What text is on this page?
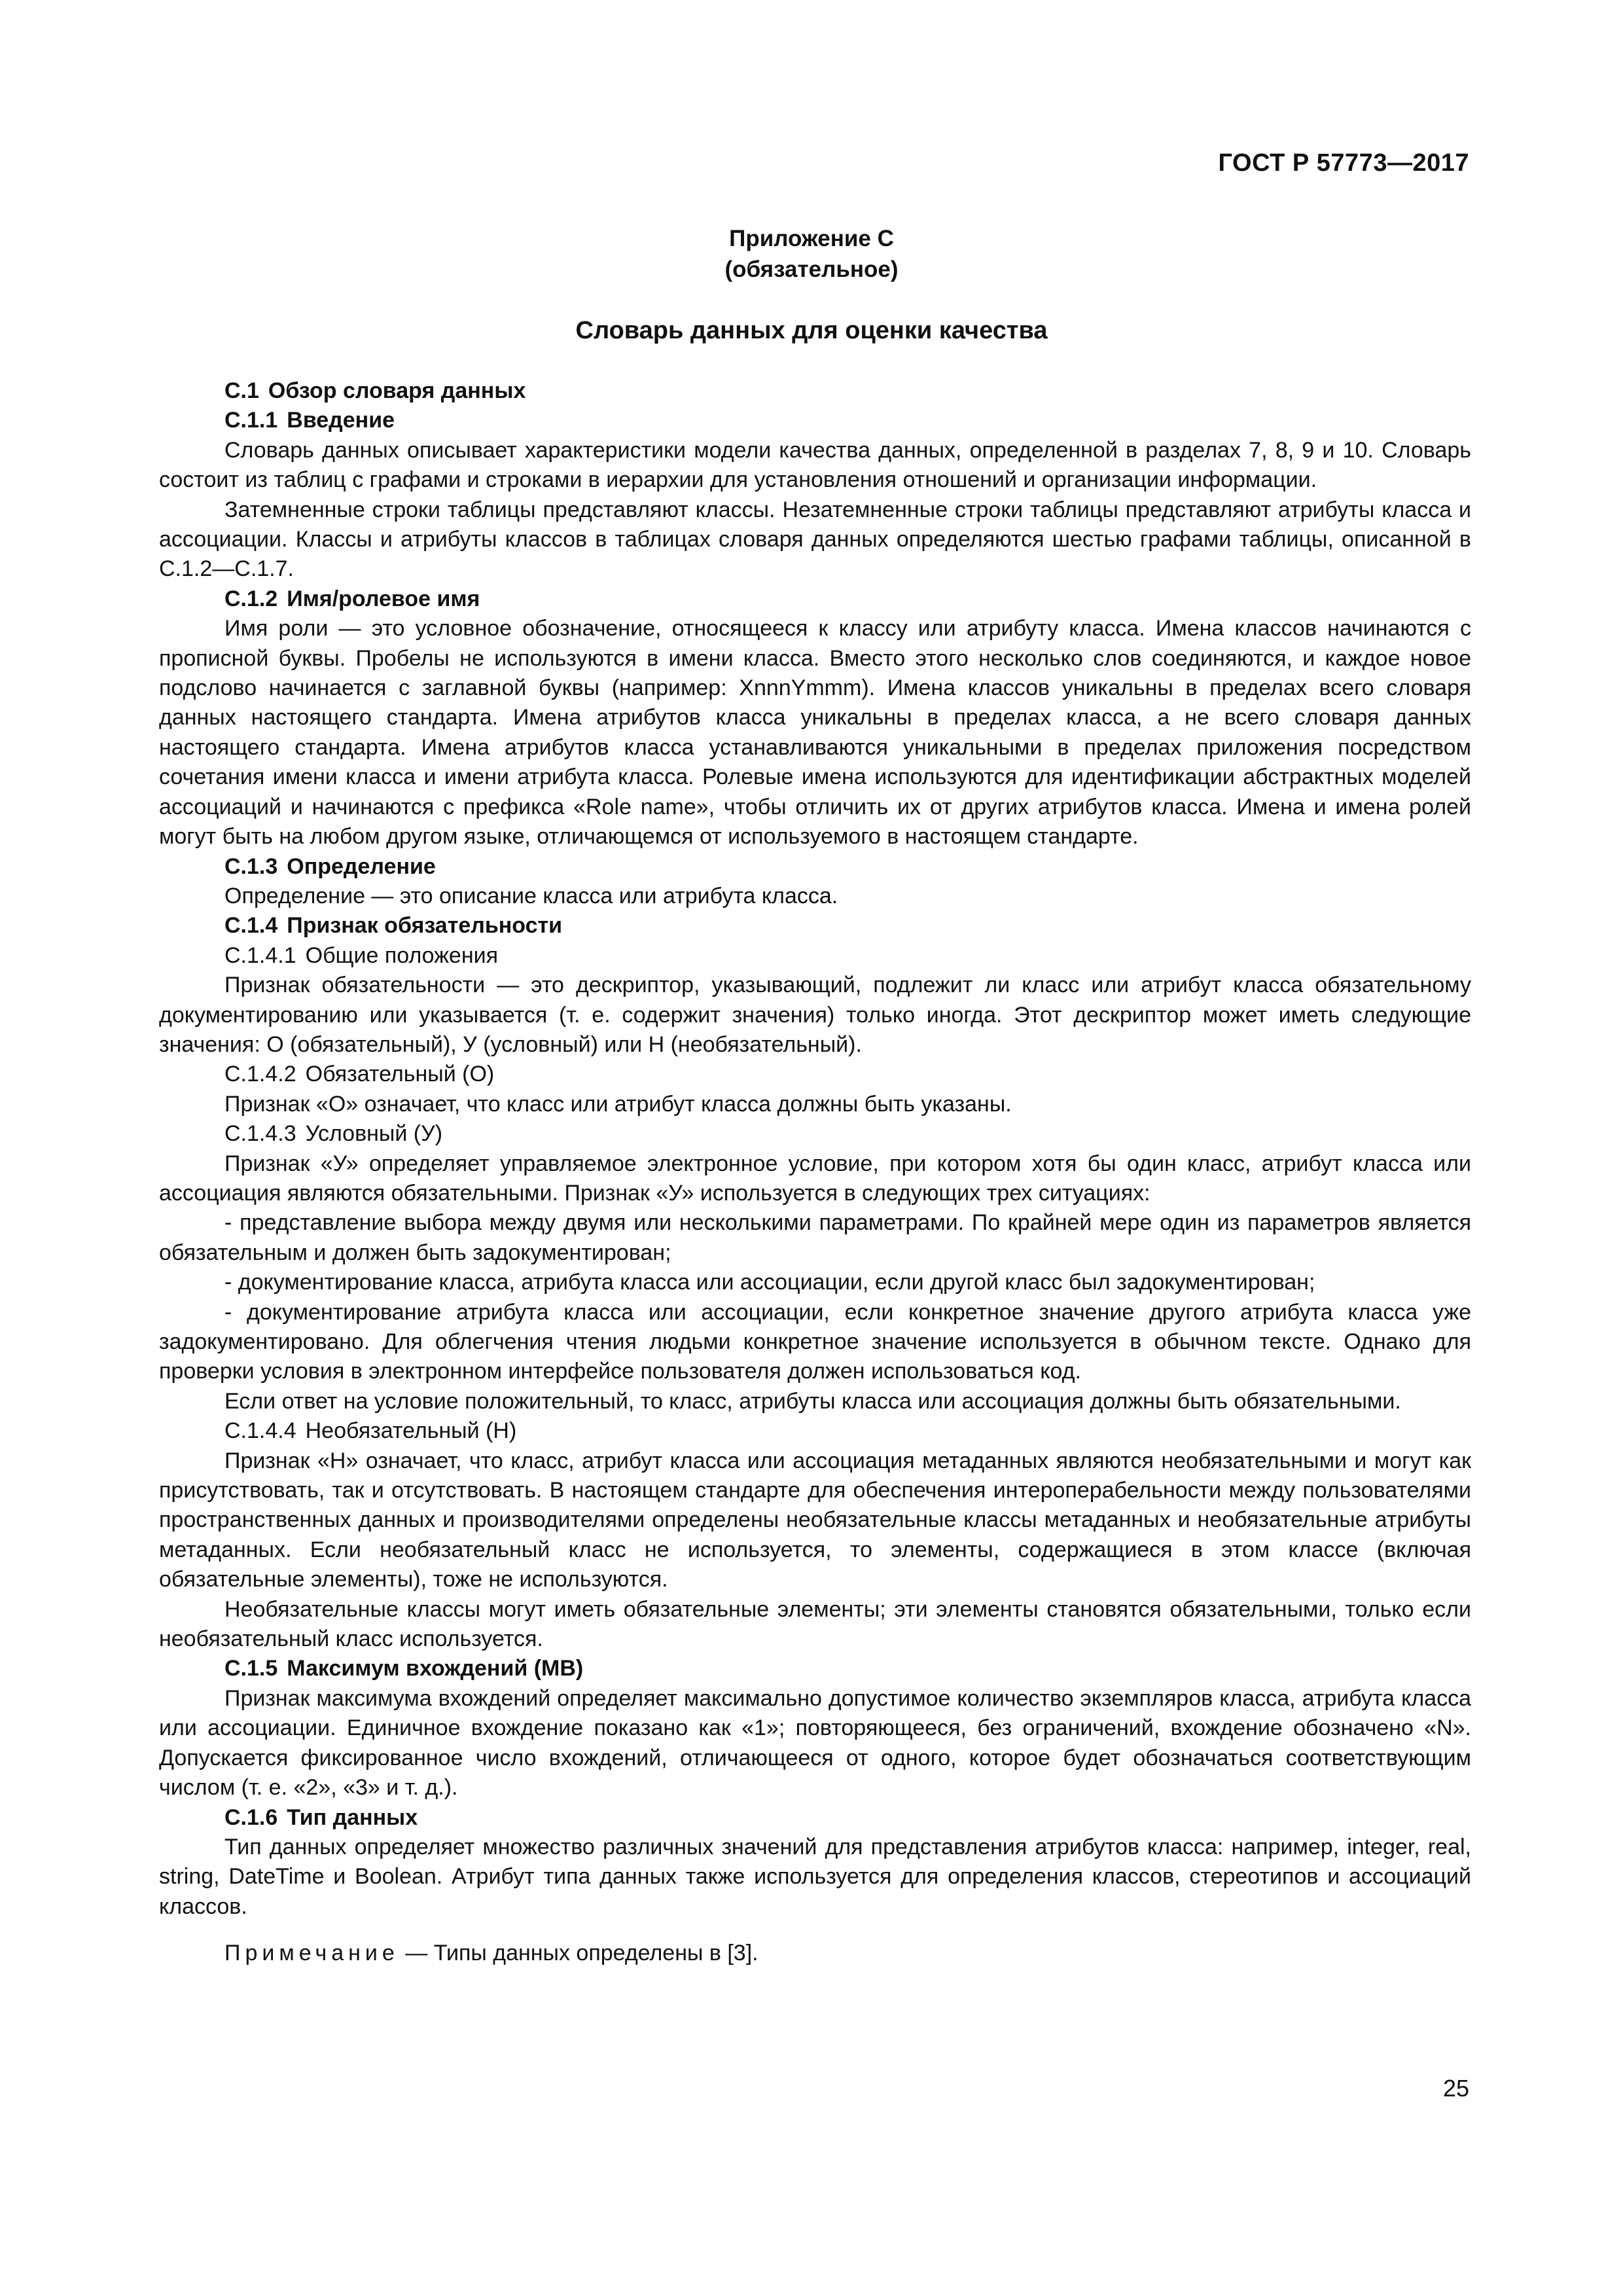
ГОСТ Р 57773—2017
Приложение С
(обязательное)
Словарь данных для оценки качества

С.1 Обзор словаря данных

С.1.1 Введение

Словарь данных описывает характеристики модели качества данных, определенной в разделах 7, 8, 9 и 10. Словарь состоит из таблиц с графами и строками в иерархии для установления отношений и организации информации.

Затемненные строки таблицы представляют классы. Незатемненные строки таблицы представляют атрибуты класса и ассоциации. Классы и атрибуты классов в таблицах словаря данных определяются шестью графами таблицы, описанной в С.1.2—С.1.7.

С.1.2 Имя/ролевое имя

Имя роли — это условное обозначение, относящееся к классу или атрибуту класса. Имена классов начинаются с прописной буквы. Пробелы не используются в имени класса. Вместо этого несколько слов соединяются, и каждое новое подслово начинается с заглавной буквы (например: XnnnYmmm). Имена классов уникальны в пределах всего словаря данных настоящего стандарта. Имена атрибутов класса уникальны в пределах класса, а не всего словаря данных настоящего стандарта. Имена атрибутов класса устанавливаются уникальными в пределах приложения посредством сочетания имени класса и имени атрибута класса. Ролевые имена используются для идентификации абстрактных моделей ассоциаций и начинаются с префикса «Role name», чтобы отличить их от других атрибутов класса. Имена и имена ролей могут быть на любом другом языке, отличающемся от используемого в настоящем стандарте.

С.1.3 Определение

Определение — это описание класса или атрибута класса.

С.1.4 Признак обязательности

С.1.4.1 Общие положения

Признак обязательности — это дескриптор, указывающий, подлежит ли класс или атрибут класса обязательному документированию или указывается (т. е. содержит значения) только иногда. Этот дескриптор может иметь следующие значения: О (обязательный), У (условный) или Н (необязательный).

С.1.4.2 Обязательный (О)

Признак «О» означает, что класс или атрибут класса должны быть указаны.

С.1.4.3 Условный (У)

Признак «У» определяет управляемое электронное условие, при котором хотя бы один класс, атрибут класса или ассоциация являются обязательными. Признак «У» используется в следующих трех ситуациях:

- представление выбора между двумя или несколькими параметрами. По крайней мере один из параметров является обязательным и должен быть задокументирован;

- документирование класса, атрибута класса или ассоциации, если другой класс был задокументирован;

- документирование атрибута класса или ассоциации, если конкретное значение другого атрибута класса уже задокументировано. Для облегчения чтения людьми конкретное значение используется в обычном тексте. Однако для проверки условия в электронном интерфейсе пользователя должен использоваться код.

Если ответ на условие положительный, то класс, атрибуты класса или ассоциация должны быть обязательными.

С.1.4.4 Необязательный (Н)

Признак «Н» означает, что класс, атрибут класса или ассоциация метаданных являются необязательными и могут как присутствовать, так и отсутствовать. В настоящем стандарте для обеспечения интероперабельности между пользователями пространственных данных и производителями определены необязательные классы метаданных и необязательные атрибуты метаданных. Если необязательный класс не используется, то элементы, содержащиеся в этом классе (включая обязательные элементы), тоже не используются.

Необязательные классы могут иметь обязательные элементы; эти элементы становятся обязательными, только если необязательный класс используется.

С.1.5 Максимум вхождений (МВ)

Признак максимума вхождений определяет максимально допустимое количество экземпляров класса, атрибута класса или ассоциации. Единичное вхождение показано как «1»; повторяющееся, без ограничений, вхождение обозначено «N». Допускается фиксированное число вхождений, отличающееся от одного, которое будет обозначаться соответствующим числом (т. е. «2», «3» и т. д.).

С.1.6 Тип данных

Тип данных определяет множество различных значений для представления атрибутов класса: например, integer, real, string, DateTime и Boolean. Атрибут типа данных также используется для определения классов, стереотипов и ассоциаций классов.

Примечание — Типы данных определены в [3].
25
